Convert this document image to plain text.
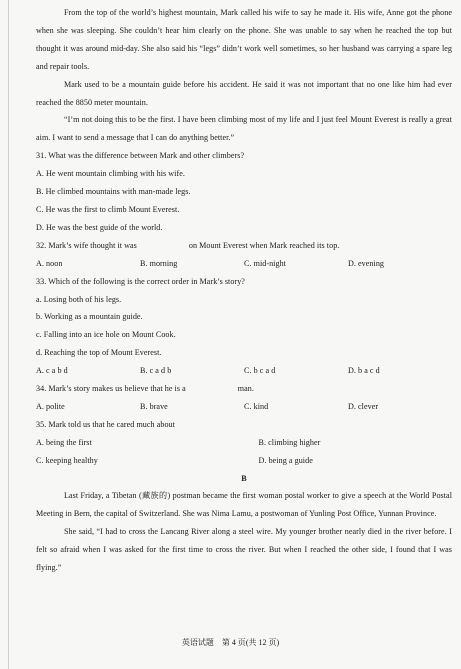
From the top of the world’s highest mountain, Mark called his wife to say he made it. His wife, Anne got the phone when she was sleeping. She couldn’t hear him clearly on the phone. She was unable to say when he reached the top but thought it was around mid-day. She also said his “legs” didn’t work well sometimes, so her husband was carrying a spare leg and repair tools.

Mark used to be a mountain guide before his accident. He said it was not important that no one like him had ever reached the 8850 meter mountain.

“I’m not doing this to be the first. I have been climbing most of my life and I just feel Mount Everest is really a great aim. I want to send a message that I can do anything better.”

31. What was the difference between Mark and other climbers?

A. He went mountain climbing with his wife.

B. He climbed mountains with man-made legs.

C. He was the first to climb Mount Everest.

D. He was the best guide of the world.

32. Mark’s wife thought it was	on Mount Everest when Mark reached its top.

A. noon	B. morning	C. mid-night	D. evening

33. Which of the following is the correct order in Mark’s story?

a. Losing both of his legs.

b. Working as a mountain guide.

c. Falling into an ice hole on Mount Cook.

d. Reaching the top of Mount Everest.

A. c a b d	B. c a d b	C. b c a d	D. b a c d

34. Mark’s story makes us believe that he is a	man.

A. polite	B. brave	C. kind	D. clever

35. Mark told us that he cared much about

A. being the first	B. climbing higher
C. keeping healthy	D. being a guide

B

Last Friday, a Tibetan (藏族的) postman became the first woman postal worker to give a speech at the World Postal Meeting in Bern, the capital of Switzerland. She was Nima Lamu, a postwoman of Yunling Post Office, Yunnan Province.

She said, “I had to cross the Lancang River along a steel wire. My younger brother nearly died in the river before. I felt so afraid when I was asked for the first time to cross the river. But when I reached the other side, I found that I was flying.”

英语试题　第 4 页(共 12 页)
